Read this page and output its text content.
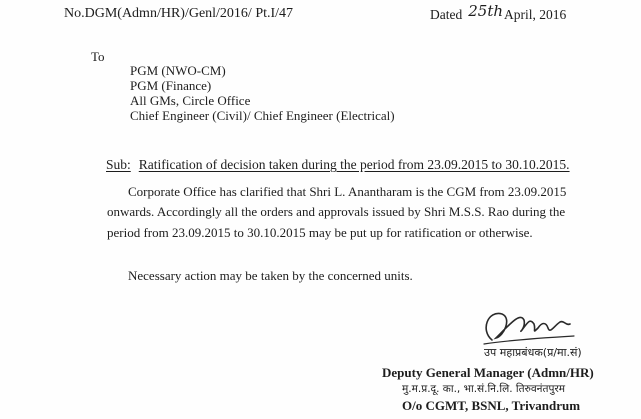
No.DGM(Admn/HR)/Genl/2016/ Pt.I/47	Dated 25thApril, 2016
To
PGM (NWO-CM)
PGM (Finance)
All GMs, Circle Office
Chief Engineer (Civil)/ Chief Engineer (Electrical)
Sub: Ratification of decision taken during the period from 23.09.2015 to 30.10.2015.
Corporate Office has clarified that Shri L. Anantharam is the CGM from 23.09.2015
onwards. Accordingly all the orders and approvals issued by Shri M.S.S. Rao during the
period from 23.09.2015 to 30.10.2015 may be put up for ratification or otherwise.
Necessary action may be taken by the concerned units.
उप महाप्रबंधक(प्र/मा.सं)
Deputy General Manager (Admn/HR)
मु.म.प्र.दू. का., भा.सं.नि.लि. तिरुवनंतपुरम
O/o CGMT, BSNL, Trivandrum
